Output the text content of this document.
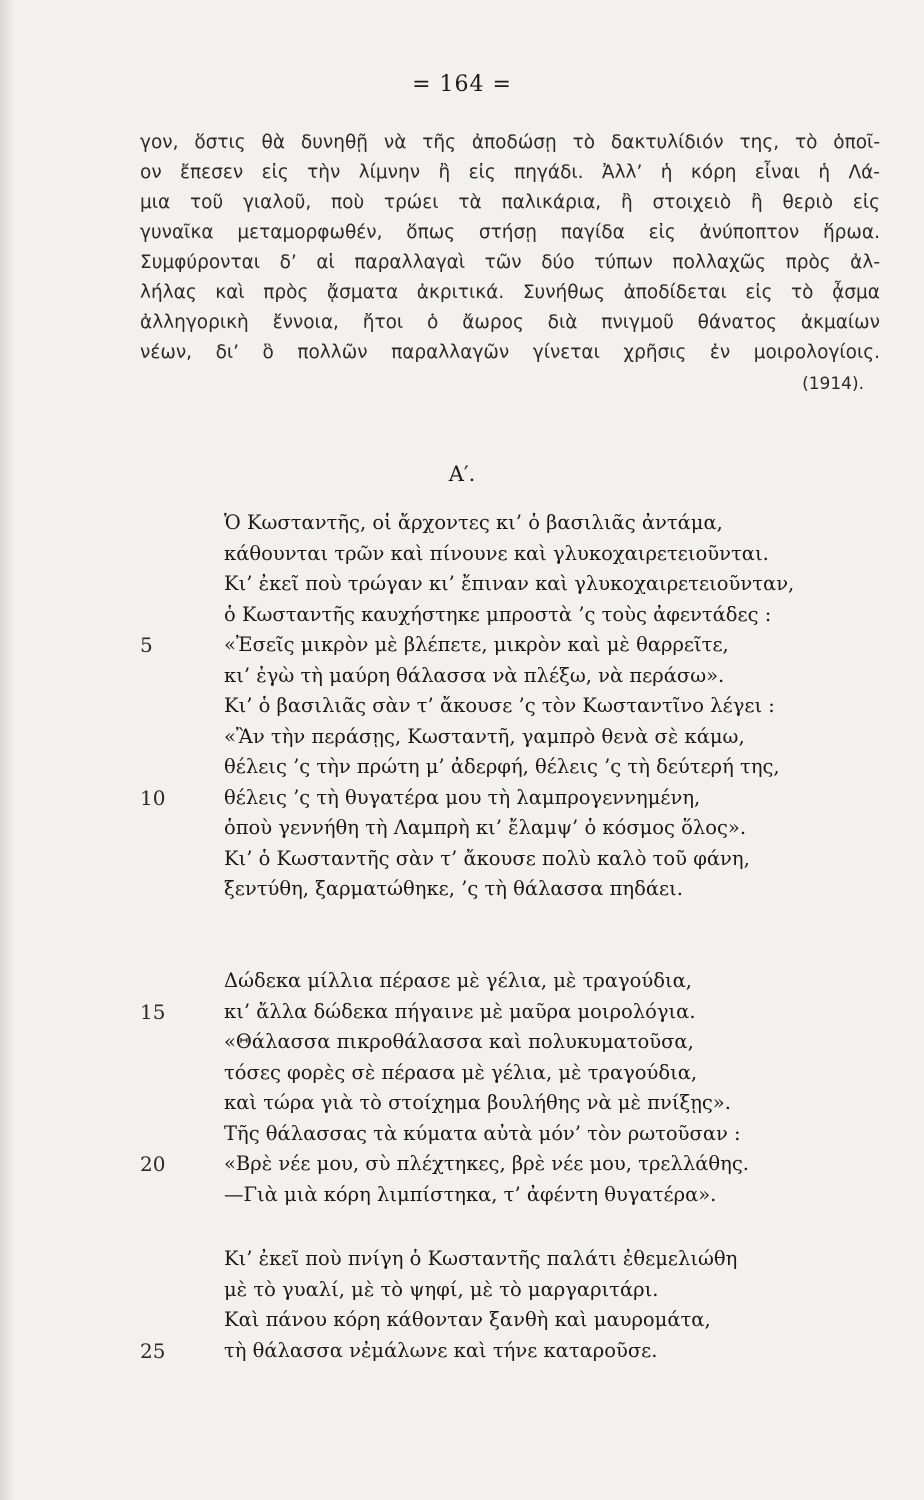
= 164 =
γον, ὅστις θὰ δυνηθῇ νὰ τῆς ἀποδώσῃ τὸ δακτυλίδιόν της, τὸ ὁποῖ-
ον ἔπεσεν εἰς τὴν λίμνην ἢ εἰς πηγάδι. Ἀλλ’ ἡ κόρη εἶναι ἡ Λά-
μια τοῦ γιαλοῦ, ποὺ τρώει τὰ παλικάρια, ἢ στοιχειὸ ἢ θεριὸ εἰς
γυναῖκα μεταμορφωθέν, ὅπως στήσῃ παγίδα εἰς ἀνύποπτον ἥρωα.
Συμφύρονται δ’ αἱ παραλλαγαὶ τῶν δύο τύπων πολλαχῶς πρὸς ἀλ-
λήλας καὶ πρὸς ᾄσματα ἀκριτικά. Συνήθως ἀποδίδεται εἰς τὸ ᾆσμα
ἀλληγορικὴ ἔννοια, ἤτοι ὁ ἄωρος διὰ πνιγμοῦ θάνατος ἀκμαίων
νέων, δι’ ὃ πολλῶν παραλλαγῶν γίνεται χρῆσις ἐν μοιρολογίοις.
(1914).
Α′.
Ὁ Κωσταντῆς, οἱ ἄρχοντες κι’ ὁ βασιλιᾶς ἀντάμα,
κάθουνται τρῶν καὶ πίνουνε καὶ γλυκοχαιρετειοῦνται.
Κι’ ἐκεῖ ποὺ τρώγαν κι’ ἔπιναν καὶ γλυκοχαιρετειοῦνταν,
ὁ Κωσταντῆς καυχήστηκε μπροστὰ ’ς τοὺς ἀφεντάδες :
5	«Ἐσεῖς μικρὸν μὲ βλέπετε, μικρὸν καὶ μὲ θαρρεῖτε,
κι’ ἐγὼ τὴ μαύρη θάλασσα νὰ πλέξω, νὰ περάσω».
Κι’ ὁ βασιλιᾶς σὰν τ’ ἄκουσε ’ς τὸν Κωσταντῖνο λέγει :
«Ἂν τὴν περάσῃς, Κωσταντῆ, γαμπρὸ θενὰ σὲ κάμω,
θέλεις ’ς τὴν πρώτη μ’ ἀδερφή, θέλεις ’ς τὴ δεύτερή της,
10	θέλεις ’ς τὴ θυγατέρα μου τὴ λαμπρογεννημένη,
ὁποὺ γεννήθη τὴ Λαμπρὴ κι’ ἔλαμψ’ ὁ κόσμος ὅλος».
Κι’ ὁ Κωσταντῆς σὰν τ’ ἄκουσε πολὺ καλὸ τοῦ φάνη,
ξεντύθη, ξαρματώθηκε, ’ς τὴ θάλασσα πηδάει.
Δώδεκα μίλλια πέρασε μὲ γέλια, μὲ τραγούδια,
15	κι’ ἄλλα δώδεκα πήγαινε μὲ μαῦρα μοιρολόγια.
«Θάλασσα πικροθάλασσα καὶ πολυκυματοῦσα,
τόσες φορὲς σὲ πέρασα μὲ γέλια, μὲ τραγούδια,
καὶ τώρα γιὰ τὸ στοίχημα βουλήθης νὰ μὲ πνίξῃς».
Τῆς θάλασσας τὰ κύματα αὐτὰ μόν’ τὸν ρωτοῦσαν :
20	«Βρὲ νέε μου, σὺ πλέχτηκες, βρὲ νέε μου, τρελλάθης.
—Γιὰ μιὰ κόρη λιμπίστηκα, τ’ ἀφέντη θυγατέρα».
Κι’ ἐκεῖ ποὺ πνίγη ὁ Κωσταντῆς παλάτι ἐθεμελιώθη
μὲ τὸ γυαλί, μὲ τὸ ψηφί, μὲ τὸ μαργαριτάρι.
Καὶ πάνου κόρη κάθονταν ξανθὴ καὶ μαυρομάτα,
25	τὴ θάλασσα νἐμάλωνε καὶ τήνε καταροῦσε.
